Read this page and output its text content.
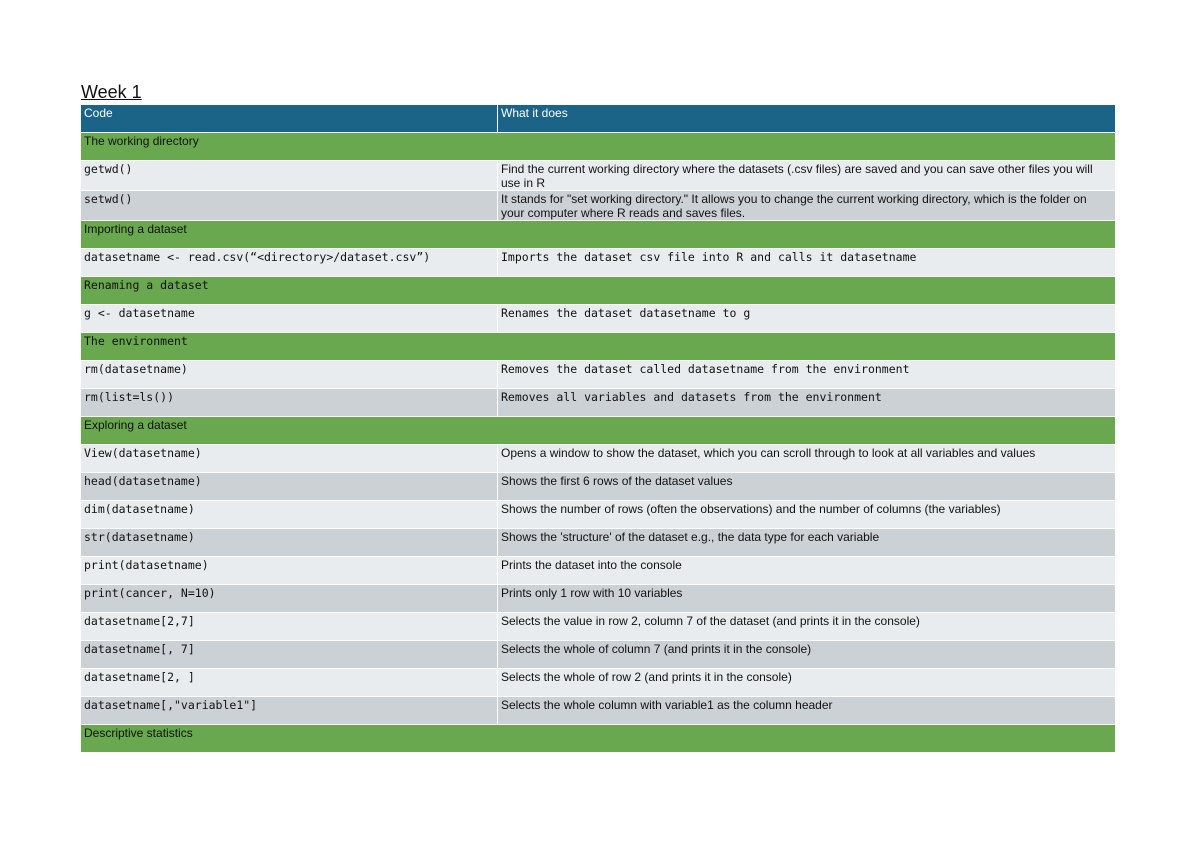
Week 1
Code	What it does
The working directory	
getwd()	Find the current working directory where the datasets (.csv files) are saved and you can save other files you will use in R
setwd()	It stands for "set working directory." It allows you to change the current working directory, which is the folder on your computer where R reads and saves files.
Importing a dataset	
datasetname <- read.csv(“<directory>/dataset.csv”)	Imports the dataset csv file into R and calls it datasetname
Renaming a dataset	
g <- datasetname	Renames the dataset datasetname to g
The environment	
rm(datasetname)	Removes the dataset called datasetname from the environment
rm(list=ls())	Removes all variables and datasets from the environment
Exploring a dataset	
View(datasetname)	Opens a window to show the dataset, which you can scroll through to look at all variables and values
head(datasetname)	Shows the first 6 rows of the dataset values
dim(datasetname)	Shows the number of rows (often the observations) and the number of columns (the variables)
str(datasetname)	Shows the 'structure' of the dataset e.g., the data type for each variable
print(datasetname)	Prints the dataset into the console
print(cancer, N=10)	Prints only 1 row with 10 variables
datasetname[2,7]	Selects the value in row 2, column 7 of the dataset (and prints it in the console)
datasetname[, 7]	Selects the whole of column 7 (and prints it in the console)
datasetname[2, ]	Selects the whole of row 2 (and prints it in the console)
datasetname[,"variable1"]	Selects the whole column with variable1 as the column header
Descriptive statistics	
